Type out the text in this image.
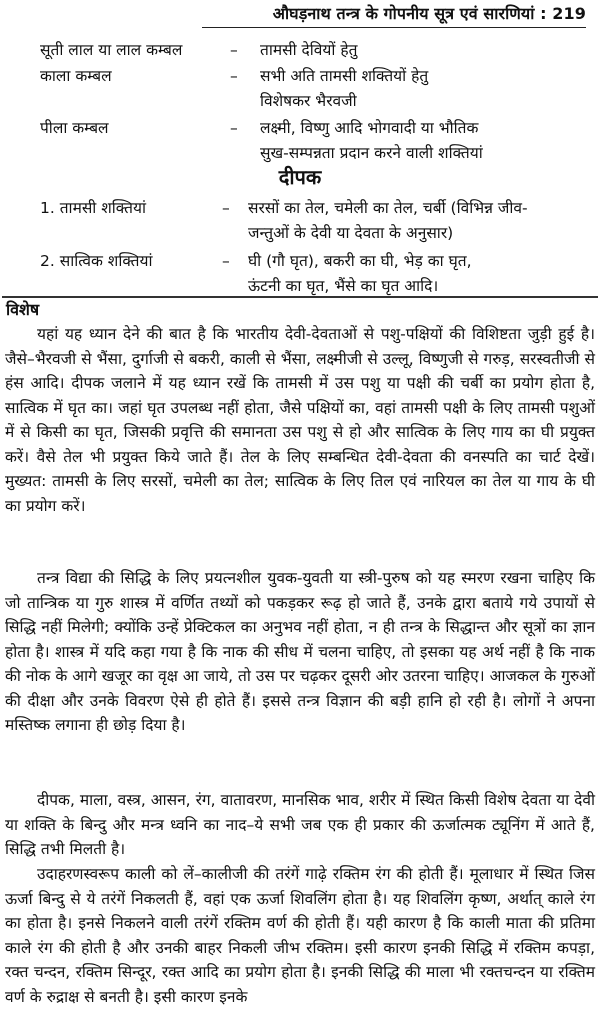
औघड़नाथ तन्त्र के गोपनीय सूत्र एवं सारणियां : 219
सूती लाल या लाल कम्बल	– तामसी देवियों हेतु
काला कम्बल	– सभी अति तामसी शक्तियों हेतु
विशेषकर भैरवजी
पीला कम्बल	– लक्ष्मी, विष्णु आदि भोगवादी या भौतिक
सुख-सम्पन्नता प्रदान करने वाली शक्तियां
दीपक
1. तामसी शक्तियां	– सरसों का तेल, चमेली का तेल, चर्बी (विभिन्न जीव-
जन्तुओं के देवी या देवता के अनुसार)
2. सात्विक शक्तियां	– घी (गौ घृत), बकरी का घी, भेड़ का घृत,
ऊंटनी का घृत, भैंसे का घृत आदि।
विशेष

यहां यह ध्यान देने की बात है कि भारतीय देवी-देवताओं से पशु-पक्षियों की विशिष्टता जुड़ी हुई है। जैसे–भैरवजी से भैंसा, दुर्गाजी से बकरी, काली से भैंसा, लक्ष्मीजी से उल्लू, विष्णुजी से गरुड़, सरस्वतीजी से हंस आदि। दीपक जलाने में यह ध्यान रखें कि तामसी में उस पशु या पक्षी की चर्बी का प्रयोग होता है, सात्विक में घृत का। जहां घृत उपलब्ध नहीं होता, जैसे पक्षियों का, वहां तामसी पक्षी के लिए तामसी पशुओं में से किसी का घृत, जिसकी प्रवृत्ति की समानता उस पशु से हो और सात्विक के लिए गाय का घी प्रयुक्त करें। वैसे तेल भी प्रयुक्त किये जाते हैं। तेल के लिए सम्बन्धित देवी-देवता की वनस्पति का चार्ट देखें। मुख्यत: तामसी के लिए सरसों, चमेली का तेल; सात्विक के लिए तिल एवं नारियल का तेल या गाय के घी का प्रयोग करें।

तन्त्र विद्या की सिद्धि के लिए प्रयत्नशील युवक-युवती या स्त्री-पुरुष को यह स्मरण रखना चाहिए कि जो तान्त्रिक या गुरु शास्त्र में वर्णित तथ्यों को पकड़कर रूढ़ हो जाते हैं, उनके द्वारा बताये गये उपायों से सिद्धि नहीं मिलेगी; क्योंकि उन्हें प्रेक्टिकल का अनुभव नहीं होता, न ही तन्त्र के सिद्धान्त और सूत्रों का ज्ञान होता है। शास्त्र में यदि कहा गया है कि नाक की सीध में चलना चाहिए, तो इसका यह अर्थ नहीं है कि नाक की नोक के आगे खजूर का वृक्ष आ जाये, तो उस पर चढ़कर दूसरी ओर उतरना चाहिए। आजकल के गुरुओं की दीक्षा और उनके विवरण ऐसे ही होते हैं। इससे तन्त्र विज्ञान की बड़ी हानि हो रही है। लोगों ने अपना मस्तिष्क लगाना ही छोड़ दिया है।

दीपक, माला, वस्त्र, आसन, रंग, वातावरण, मानसिक भाव, शरीर में स्थित किसी विशेष देवता या देवी या शक्ति के बिन्दु और मन्त्र ध्वनि का नाद–ये सभी जब एक ही प्रकार की ऊर्जात्मक ट्यूनिंग में आते हैं, सिद्धि तभी मिलती है।

उदाहरणस्वरूप काली को लें–कालीजी की तरंगें गाढ़े रक्तिम रंग की होती हैं। मूलाधार में स्थित जिस ऊर्जा बिन्दु से ये तरंगें निकलती हैं, वहां एक ऊर्जा शिवलिंग होता है। यह शिवलिंग कृष्ण, अर्थात् काले रंग का होता है। इनसे निकलने वाली तरंगें रक्तिम वर्ण की होती हैं। यही कारण है कि काली माता की प्रतिमा काले रंग की होती है और उनकी बाहर निकली जीभ रक्तिम। इसी कारण इनकी सिद्धि में रक्तिम कपड़ा, रक्त चन्दन, रक्तिम सिन्दूर, रक्त आदि का प्रयोग होता है। इनकी सिद्धि की माला भी रक्तचन्दन या रक्तिम वर्ण के रुद्राक्ष से बनती है। इसी कारण इनके
